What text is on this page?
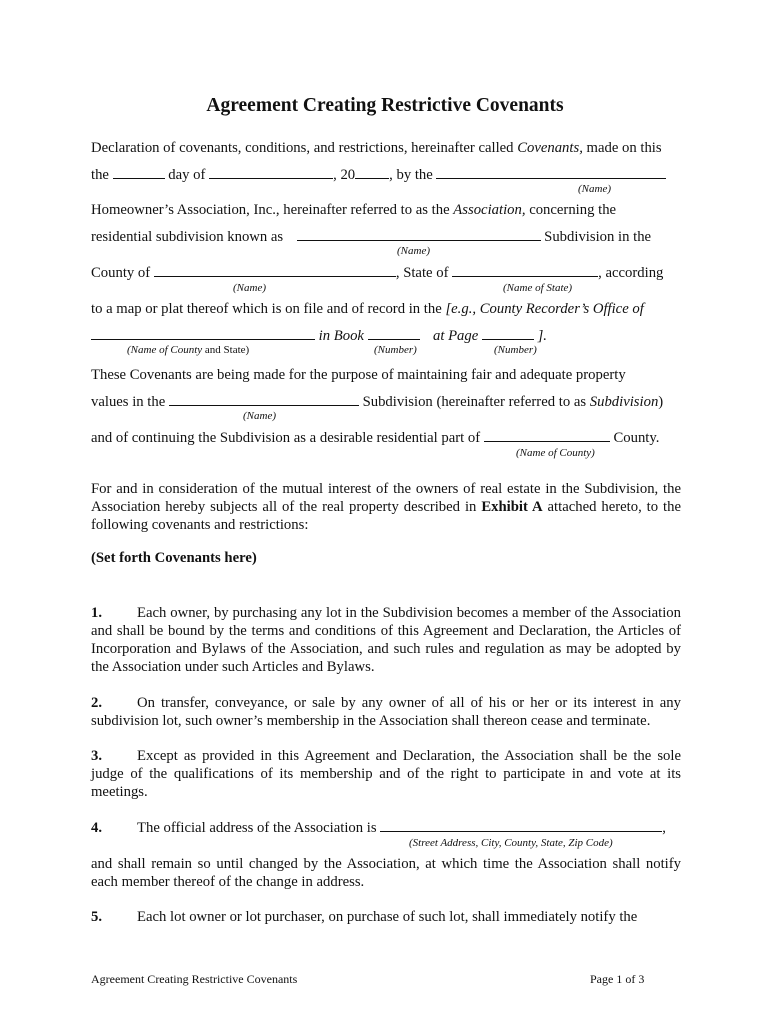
Agreement Creating Restrictive Covenants
Declaration of covenants, conditions, and restrictions, hereinafter called Covenants, made on this
the	day of	, 20 , by the
(Name)
Homeowner’s Association, Inc., hereinafter referred to as the Association, concerning the
residential subdivision known as	Subdivision in the
(Name)
County of	, State of	, according
(Name)	(Name of State)
to a map or plat thereof which is on file and of record in the [e.g., County Recorder’s Office of
in Book	at Page	].
(Name of County and State)	(Number)	(Number)
These Covenants are being made for the purpose of maintaining fair and adequate property
values in the	Subdivision (hereinafter referred to as Subdivision)
(Name)
and of continuing the Subdivision as a desirable residential part of	County.
(Name of County)
For and in consideration of the mutual interest of the owners of real estate in the Subdivision, the Association hereby subjects all of the real property described in Exhibit A attached hereto, to the following covenants and restrictions:
(Set forth Covenants here)
1. Each owner, by purchasing any lot in the Subdivision becomes a member of the Association and shall be bound by the terms and conditions of this Agreement and Declaration, the Articles of Incorporation and Bylaws of the Association, and such rules and regulation as may be adopted by the Association under such Articles and Bylaws.
2. On transfer, conveyance, or sale by any owner of all of his or her or its interest in any subdivision lot, such owner’s membership in the Association shall thereon cease and terminate.
3. Except as provided in this Agreement and Declaration, the Association shall be the sole judge of the qualifications of its membership and of the right to participate in and vote at its meetings.
4. The official address of the Association is	,
(Street Address, City, County, State, Zip Code)
and shall remain so until changed by the Association, at which time the Association shall notify each member thereof of the change in address.
5. Each lot owner or lot purchaser, on purchase of such lot, shall immediately notify the
Agreement Creating Restrictive Covenants	Page 1 of 3
